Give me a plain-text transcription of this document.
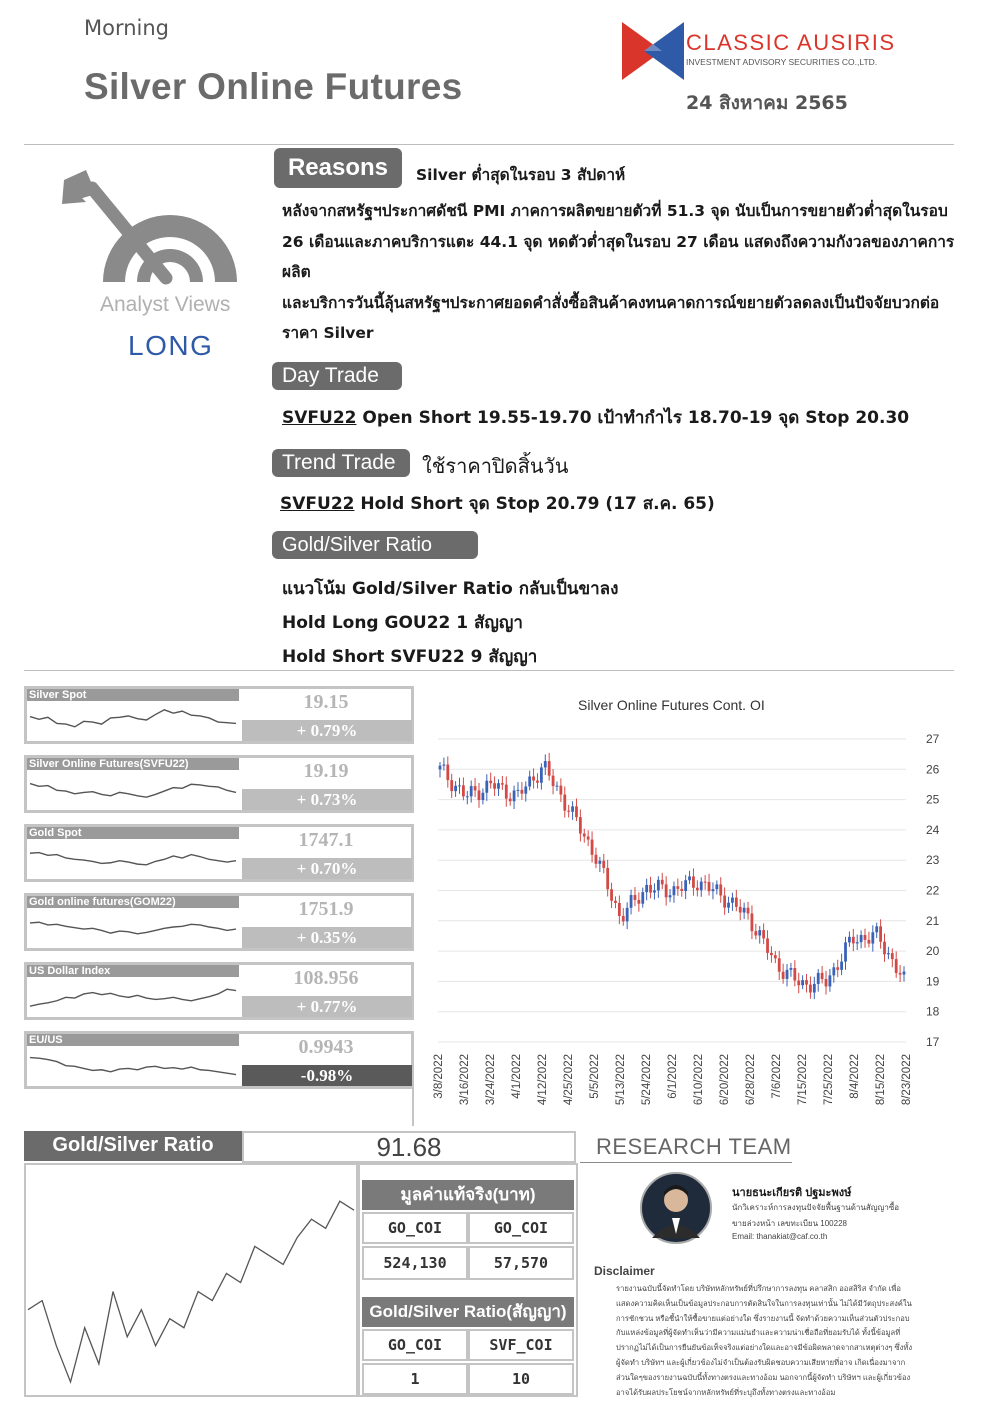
Morning
Silver Online Futures
CLASSIC AUSIRIS
INVESTMENT ADVISORY SECURITIES CO.,LTD.
24 สิงหาคม 2565
Analyst Views
LONG
Reasons	Silver ต่ำสุดในรอบ 3 สัปดาห์
หลังจากสหรัฐฯประกาศดัชนี PMI ภาคการผลิตขยายตัวที่ 51.3 จุด นับเป็นการขยายตัวต่ำสุดในรอบ
26 เดือนและภาคบริการแตะ 44.1 จุด หดตัวต่ำสุดในรอบ 27 เดือน แสดงถึงความกังวลของภาคการผลิต
และบริการวันนี้ลุ้นสหรัฐฯประกาศยอดคำสั่งซื้อสินค้าคงทนคาดการณ์ขยายตัวลดลงเป็นปัจจัยบวกต่อ
ราคา Silver
Day Trade
SVFU22 Open Short 19.55-19.70 เป้าทำกำไร 18.70-19 จุด Stop 20.30
Trend Trade	ใช้ราคาปิดสิ้นวัน
SVFU22 Hold Short จุด Stop 20.79 (17 ส.ค. 65)
Gold/Silver Ratio
แนวโน้ม Gold/Silver Ratio กลับเป็นขาลง
Hold Long GOU22 1 สัญญา
Hold Short SVFU22 9 สัญญา
Silver Spot	19.15
+ 0.79%
Silver Online Futures(SVFU22)	19.19
+ 0.73%
Gold Spot	1747.1
+ 0.70%
Gold online futures(GOM22)	1751.9
+ 0.35%
US Dollar Index	108.956
+ 0.77%
EU/US	0.9943
-0.98%
Silver Online Futures Cont. OI
27
26
25
24
23
22
21
20
19
18
17
3/8/2022 3/16/2022 3/24/2022 4/1/2022 4/12/2022 4/25/2022 5/5/2022 5/13/2022 5/24/2022 6/1/2022 6/10/2022 6/20/2022 6/28/2022 7/6/2022 7/15/2022 7/25/2022 8/4/2022 8/15/2022 8/23/2022
Gold/Silver Ratio	91.68	RESEARCH TEAM
มูลค่าแท้จริง(บาท)
GO_COI	GO_COI
524,130	57,570
Gold/Silver Ratio(สัญญา)
GO_COI	SVF_COI
1	10
นายธนะเกียรติ ปฐมะพงษ์
นักวิเคราะห์การลงทุนปัจจัยพื้นฐานด้านสัญญาซื้อ
ขายล่วงหน้า เลขทะเบียน 100228
Email: thanakiat@caf.co.th
Disclaimer
รายงานฉบับนี้จัดทำโดย บริษัทหลักทรัพย์ที่ปรึกษาการลงทุน คลาสสิก ออสสิริส จำกัด เพื่อ
แสดงความคิดเห็นเป็นข้อมูลประกอบการตัดสินใจในการลงทุนเท่านั้น ไม่ได้มีวัตถุประสงค์ใน
การชักชวน หรือชี้นำให้ซื้อขายแต่อย่างใด ซึ่งรายงานนี้ จัดทำด้วยความเห็นส่วนตัวประกอบ
กับแหล่งข้อมูลที่ผู้จัดทำเห็นว่ามีความแม่นยำและความน่าเชื่อถือที่ยอมรับได้ ทั้งนี้ข้อมูลที่
ปรากฏไม่ได้เป็นการยืนยันข้อเท็จจริงแต่อย่างใดและอาจมีข้อผิดพลาดจากสาเหตุต่างๆ ซึ่งทั้ง
ผู้จัดทำ บริษัทฯ และผู้เกี่ยวข้องไม่จำเป็นต้องรับผิดชอบความเสียหายที่อาจ เกิดเนื่องมาจาก
ส่วนใดๆของรายงานฉบับนี้ทั้งทางตรงและทางอ้อม นอกจากนี้ผู้จัดทำ บริษัทฯ และผู้เกี่ยวข้อง
อาจได้รับผลประโยชน์จากหลักทรัพย์ที่ระบุถึงทั้งทางตรงและทางอ้อม
